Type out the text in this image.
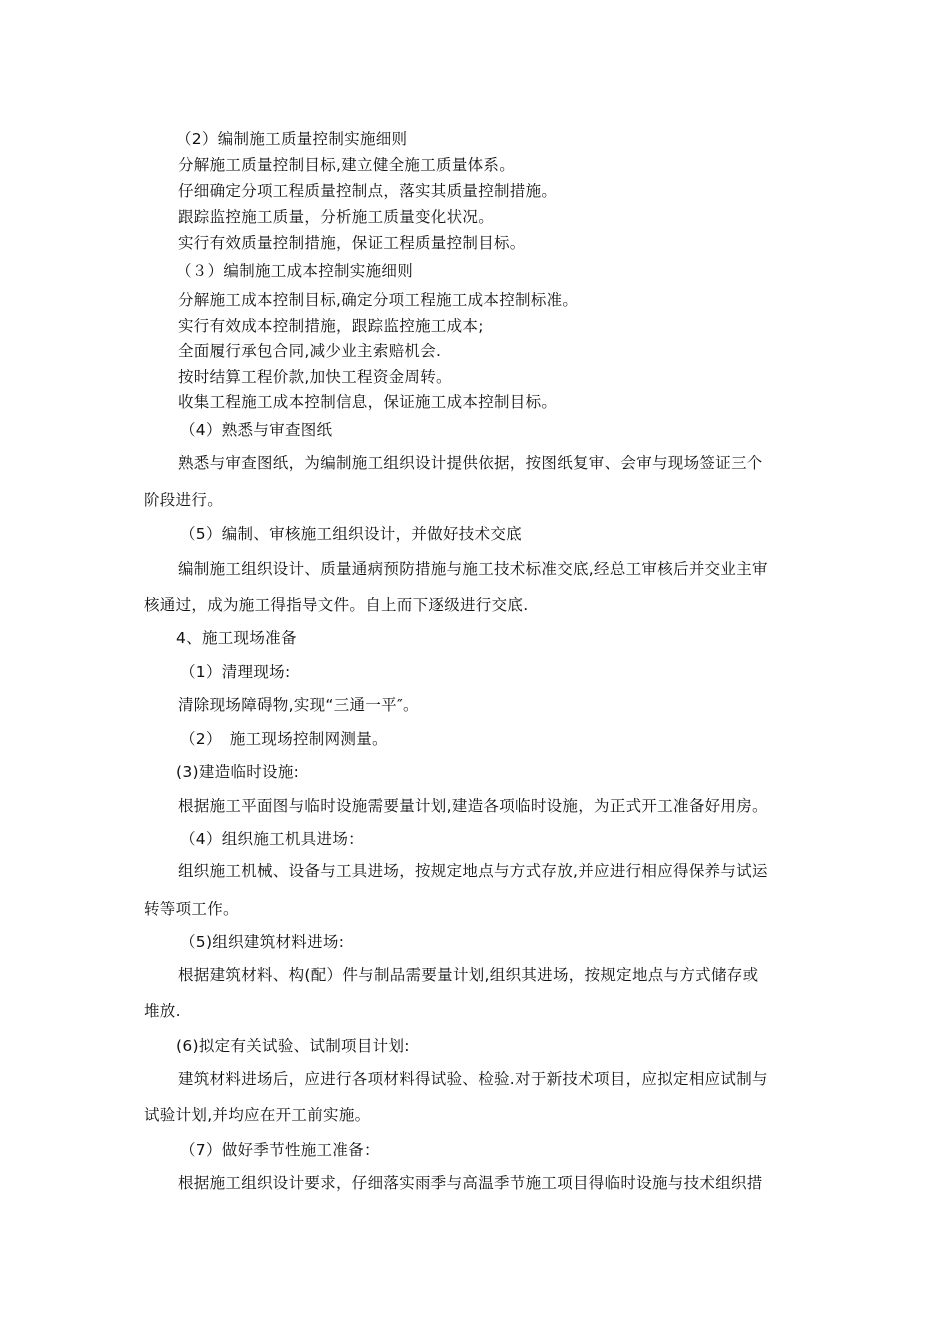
（2）编制施工质量控制实施细则
分解施工质量控制目标,建立健全施工质量体系。
仔细确定分项工程质量控制点，落实其质量控制措施。
跟踪监控施工质量，分析施工质量变化状况。
实行有效质量控制措施，保证工程质量控制目标。
（３）编制施工成本控制实施细则
分解施工成本控制目标,确定分项工程施工成本控制标准。
实行有效成本控制措施，跟踪监控施工成本;
全面履行承包合同,减少业主索赔机会.
按时结算工程价款,加快工程资金周转。
收集工程施工成本控制信息，保证施工成本控制目标。
（4）熟悉与审查图纸
熟悉与审查图纸，为编制施工组织设计提供依据，按图纸复审、会审与现场签证三个
阶段进行。
（5）编制、审核施工组织设计，并做好技术交底
编制施工组织设计、质量通病预防措施与施工技术标准交底,经总工审核后并交业主审
核通过，成为施工得指导文件。自上而下逐级进行交底.
4、施工现场准备
（1）清理现场:
清除现场障碍物,实现“三通一平″。
（2）　施工现场控制网测量。
(3)建造临时设施:
根据施工平面图与临时设施需要量计划,建造各项临时设施，为正式开工准备好用房。
（4）组织施工机具进场：
组织施工机械、设备与工具进场，按规定地点与方式存放,并应进行相应得保养与试运
转等项工作。
（5)组织建筑材料进场:
根据建筑材料、构(配）件与制品需要量计划,组织其进场，按规定地点与方式储存或
堆放.
(6)拟定有关试验、试制项目计划:
建筑材料进场后，应进行各项材料得试验、检验.对于新技术项目，应拟定相应试制与
试验计划,并均应在开工前实施。
（7）做好季节性施工准备：
根据施工组织设计要求，仔细落实雨季与高温季节施工项目得临时设施与技术组织措
